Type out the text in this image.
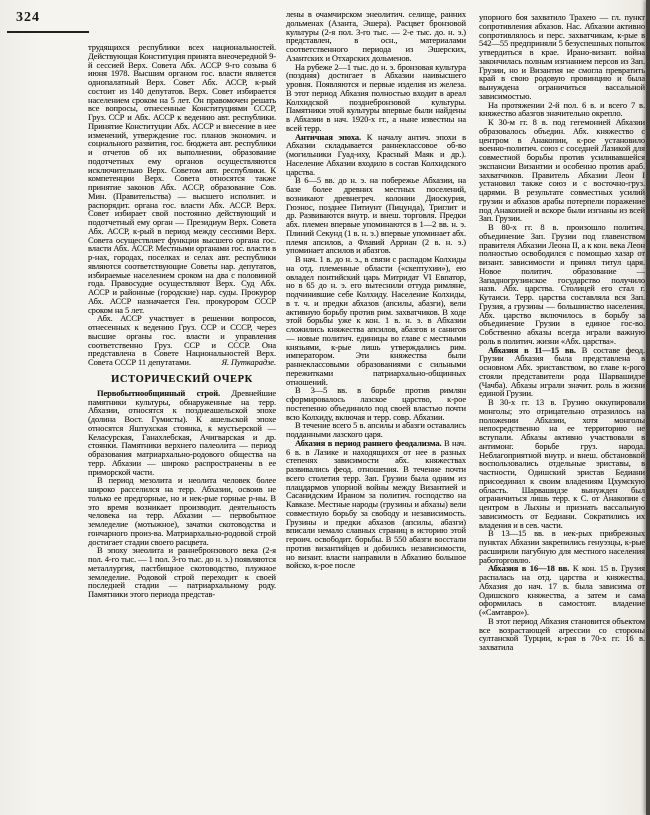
324

трудящихся республики всех национальностей. Действующая Конституция принята внеочередной 9-й сессией Верх. Совета Абх. АССР 9-го созыва 6 июня 1978. Высшим органом гос. власти является однопалатный Верх. Совет Абх. АССР, к-рый состоит из 140 депутатов. Верх. Совет избирается населением сроком на 5 лет. Он правомочен решать все вопросы, отнесенные Конституциями СССР, Груз. ССР и Абх. АССР к ведению авт. республики. Принятие Конституции Абх. АССР и внесение в нее изменений, утверждение гос. планов экономич. и социального развития, гос. бюджета авт. республики и отчетов об их выполнении, образование подотчетных ему органов осуществляются исключительно Верх. Советом авт. республики. К компетенции Верх. Совета относятся также принятие законов Абх. АССР, образование Сов. Мин. (Правительства) — высшего исполнит. и распорядит. органа гос. власти Абх. АССР. Верх. Совет избирает свой постоянно действующий и подотчетный ему орган — Президиум Верх. Совета Абх. АССР, к-рый в период между сессиями Верх. Совета осуществляет функции высшего органа гос. власти Абх. АССР. Местными органами гос. власти в р-нах, городах, поселках и селах авт. республики являются соответствующие Советы нар. депутатов, избираемые населением сроком на два с половиной года. Правосудие осуществляют Верх. Суд Абх. АССР и районные (городские) нар. суды. Прокурор Абх. АССР назначается Ген. прокурором СССР сроком на 5 лет.

Абх. АССР участвует в решении вопросов, отнесенных к ведению Груз. ССР и СССР, через высшие органы гос. власти и управления соответственно Груз. ССР и СССР. Она представлена в Совете Национальностей Верх. Совета СССР 11 депутатами.	Я. Путкарадзе.

ИСТОРИЧЕСКИЙ ОЧЕРК

Первобытнообщинный строй. Древнейшие памятники культуры, обнаруженные на терр. Абхазии, относятся к позднеашельской эпохе (долина Вост. Гумисты). К ашельской эпохе относятся Яштухская стоянка, к мустьерской — Келасурская, Ганахлебская, Ачигварская и др. стоянки. Памятники верхнего палеолита — период образования матриархально-родового общества на терр. Абхазии — широко распространены в ее приморской части.

В период мезолита и неолита человек более широко расселился на терр. Абхазии, освоив не только ее предгорные, но и нек-рые горные р-ны. В это время возникает производит. деятельность человека на терр. Абхазии — первобытное земледелие (мотыжное), зачатки скотоводства и гончарного произ-ва. Матриархально-родовой строй достигает стадии своего расцвета.

В эпоху энеолита и раннебронзового века (2-я пол. 4-го тыс. — 1 пол. 3-го тыс. до н. э.) появляются металлургия, пастбищное скотоводство, плужное земледелие. Родовой строй переходит к своей последней стадии — патриархальному роду. Памятники этого периода представ-

лены в очамчирском энеолитич. селище, ранних дольменах (Азанта, Эшера). Расцвет бронзовой культуры (2-я пол. 3-го тыс. — 2-е тыс. до. н. э.) представлен, в осн., материалами соответственного периода из Эшерских, Азантских и Отхарских дольменов.

На рубеже 2—1 тыс. до н. э. бронзовая культура (поздняя) достигает в Абхазии наивысшего уровня. Появляются и первые изделия из железа. В этот период Абхазия полностью входит в ареал Колхидской позднебронзовой культуры. Памятники этой культуры впервые были найдены в Абхазии в нач. 1920-х гг., а ныне известны на всей терр.

Античная эпоха. К началу антич. эпохи в Абхазии складывается раннеклассовое об-во (могильники Гуад-иху, Красный Маяк и др.). Население Абхазии входило в состав Колхидского царства.

В 6—5 вв. до н. э. на побережье Абхазии, на базе более древних местных поселений, возникают древнегреч. колонии Диоскурия, Гюэнос, позднее Питиунт (Пицунда), Триглит и др. Развиваются внутр. и внеш. торговля. Предки абх. племен впервые упоминаются в 1—2 вв. н. э. Плиний Секунд (1 в. н. э.) впервые упоминает абх. племя апсилов, а Флавий Арриан (2 в. н. э.) упоминает апсилов и абазгов.

В нач. 1 в. до н. э., в связи с распадом Колхиды на отд. племенные области («скептухии»), ею овладел понтийский царь Митридат VI Евпатор, но в 65 до н. э. его вытеснили оттуда римляне, подчинившие себе Колхиду. Население Колхиды, в т. ч. и предки абхазов (апсилы, абазги), вели активную борьбу против рим. захватчиков. В ходе этой борьбы уже к кон. 1 в. н. э. в Абхазии сложились княжества апсилов, абазгов и санигов — новые политич. единицы во главе с местными князьями, к-рые лишь утверждались рим. императором. Эти княжества были раннеклассовыми образованиями с сильными пережитками патриархально-общинных отношений.

В 3—5 вв. в борьбе против римлян сформировалось лазское царство, к-рое постепенно объединило под своей властью почти всю Колхиду, включая и терр. совр. Абхазии.

В течение всего 5 в. апсилы и абазги оставались подданными лазского царя.

Абхазия в период раннего феодализма. В нач. 6 в. в Лазике и находящихся от нее в разных степенях зависимости абх. княжествах развивались феод. отношения. В течение почти всего столетия терр. Зап. Грузии была одним из плацдармов упорной войны между Византией и Сасанидским Ираном за политич. господство на Кавказе. Местные народы (грузины и абхазы) вели совместную борьбу за свободу и независимость. Грузины и предки абхазов (апсилы, абазги) вписали немало славных страниц в историю этой героич. освободит. борьбы. В 550 абазги восстали против византийцев и добились независимости, но визант. власти направили в Абхазию большое войско, к-рое после

упорного боя захватило Трахею — гл. пункт сопротивления абхазов. Нас. Абхазии активно сопротивлялось и перс. захватчикам, к-рые в 542—55 предприняли 5 безуспешных попыток утвердиться в крае. Ирано-визант. война закончилась полным изгнанием персов из Зап. Грузии, но и Византия не смогла превратить край в свою родовую провинцию и была вынуждена ограничиться вассальной зависимостью.

На протяжении 2-й пол. 6 в. и всего 7 в. княжество абазгов значительно окрепло.

К 30-м гг. 8 в. под гегемонией Абхазии образовалось объедин. Абх. княжество с центром в Анакопии, к-рое установило военно-политич. союз с соседней Лазикой для совместной борьбы против усиливавшейся экспансии Византии и особенно против араб. захватчиков. Правитель Абхазии Леон I установил также союз и с восточно-груз. царями. В результате совместных усилий грузин и абхазов арабы потерпели поражение под Анакопией и вскоре были изгнаны из всей Зап. Грузии.

В 80-х гг. 8 в. произошло политич. объединение Зап. Грузии под главенством правителя Абхазии Леона II, а к кон. века Леон полностью освободился с помощью хазар от визант. зависимости и принял титул царя. Новое политич. образование — Западногрузинское государство получило назв. Абх. царства. Столицей его стал г. Кутаиси. Терр. царства составляла вся Зап. Грузия, а грузины — большинство населения. Абх. царство включилось в борьбу за объединение Грузии в единое гос-во. Собственно абхазы всегда играли важную роль в политич. жизни «Абх. царства».

Абхазия в 11—15 вв. В составе феод. Грузии Абхазия была представлена в основном Абх. эриставством, во главе к-рого стояли представители рода Шарвашидзе (Чачба). Абхазы играли значит. роль в жизни единой Грузии.

В 30-х гг. 13 в. Грузию оккупировали монголы; это отрицательно отразилось на положении Абхазии, хотя монголы непосредственно на ее территорию не вступали. Абхазы активно участвовали в антимонг. борьбе груз. народа. Неблагоприятной внутр. и внеш. обстановкой воспользовались отдельные эриставы, в частности, Одишский эристав Бедиани присоединил к своим владениям Цхумскую область. Шарвашидзе вынужден был ограничиться лишь терр. к С. от Анакопии с центром в Лыхны и признать вассальную зависимость от Бедиани. Сократились их владения и в сев. части.

В 13—15 вв. в нек-рых прибрежных пунктах Абхазии закрепились генуэзцы, к-рые расширили пагубную для местного населения работорговлю.

Абхазия в 16—18 вв. К кон. 15 в. Грузия распалась на отд. царства и княжества. Абхазия до нач. 17 в. была зависима от Одишского княжества, а затем и сама оформилась в самостоят. владение («Самтавро»).

В этот период Абхазия становится объектом все возрастающей агрессии со стороны султанской Турции, к-рая в 70-х гг. 16 в. захватила
